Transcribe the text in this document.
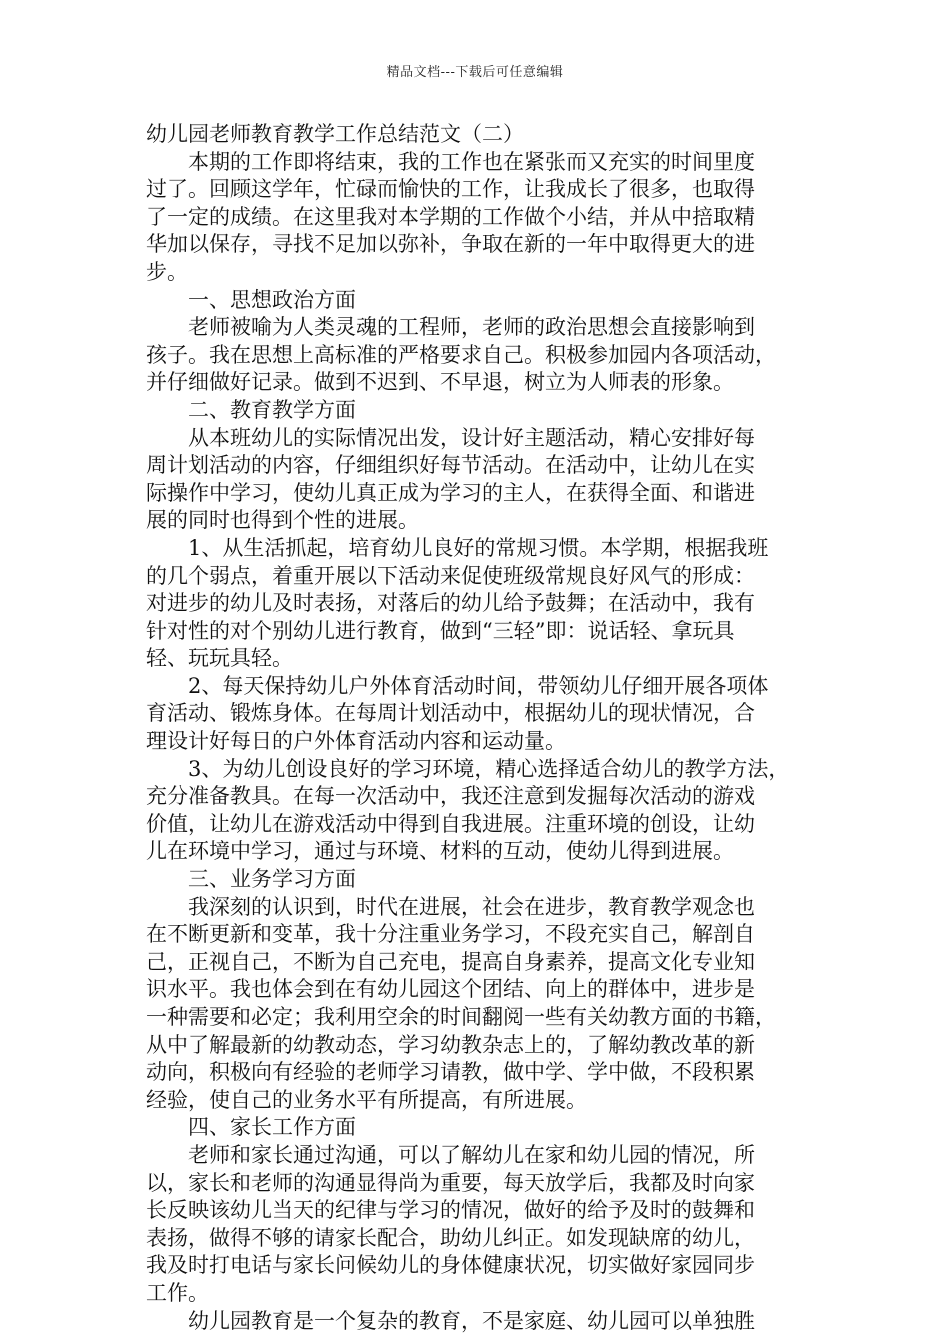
精品文档---下载后可任意编辑
幼儿园老师教育教学工作总结范文（二）
本期的工作即将结束，我的工作也在紧张而又充实的时间里度
过了。回顾这学年，忙碌而愉快的工作，让我成长了很多，也取得
了一定的成绩。在这里我对本学期的工作做个小结，并从中掊取精
华加以保存，寻找不足加以弥补，争取在新的一年中取得更大的进
步。
一、思想政治方面
老师被喻为人类灵魂的工程师，老师的政治思想会直接影响到
孩子。我在思想上高标准的严格要求自己。积极参加园内各项活动，
并仔细做好记录。做到不迟到、不早退，树立为人师表的形象。
二、教育教学方面
从本班幼儿的实际情况出发，设计好主题活动，精心安排好每
周计划活动的内容，仔细组织好每节活动。在活动中，让幼儿在实
际操作中学习，使幼儿真正成为学习的主人，在获得全面、和谐进
展的同时也得到个性的进展。
1、从生活抓起，培育幼儿良好的常规习惯。本学期，根据我班
的几个弱点，着重开展以下活动来促使班级常规良好风气的形成：
对进步的幼儿及时表扬，对落后的幼儿给予鼓舞；在活动中，我有
针对性的对个别幼儿进行教育，做到“三轻”即：说话轻、拿玩具
轻、玩玩具轻。
2、每天保持幼儿户外体育活动时间，带领幼儿仔细开展各项体
育活动、锻炼身体。在每周计划活动中，根据幼儿的现状情况，合
理设计好每日的户外体育活动内容和运动量。
3、为幼儿创设良好的学习环境，精心选择适合幼儿的教学方法，
充分准备教具。在每一次活动中，我还注意到发掘每次活动的游戏
价值，让幼儿在游戏活动中得到自我进展。注重环境的创设，让幼
儿在环境中学习，通过与环境、材料的互动，使幼儿得到进展。
三、业务学习方面
我深刻的认识到，时代在进展，社会在进步，教育教学观念也
在不断更新和变革，我十分注重业务学习，不段充实自己，解剖自
己，正视自己，不断为自己充电，提高自身素养，提高文化专业知
识水平。我也体会到在有幼儿园这个团结、向上的群体中，进步是
一种需要和必定；我利用空余的时间翻阅一些有关幼教方面的书籍，
从中了解最新的幼教动态，学习幼教杂志上的，了解幼教改革的新
动向，积极向有经验的老师学习请教，做中学、学中做，不段积累
经验，使自己的业务水平有所提高，有所进展。
四、家长工作方面
老师和家长通过沟通，可以了解幼儿在家和幼儿园的情况，所
以，家长和老师的沟通显得尚为重要，每天放学后，我都及时向家
长反映该幼儿当天的纪律与学习的情况，做好的给予及时的鼓舞和
表扬，做得不够的请家长配合，助幼儿纠正。如发现缺席的幼儿，
我及时打电话与家长问候幼儿的身体健康状况，切实做好家园同步
工作。
幼儿园教育是一个复杂的教育，不是家庭、幼儿园可以单独胜
